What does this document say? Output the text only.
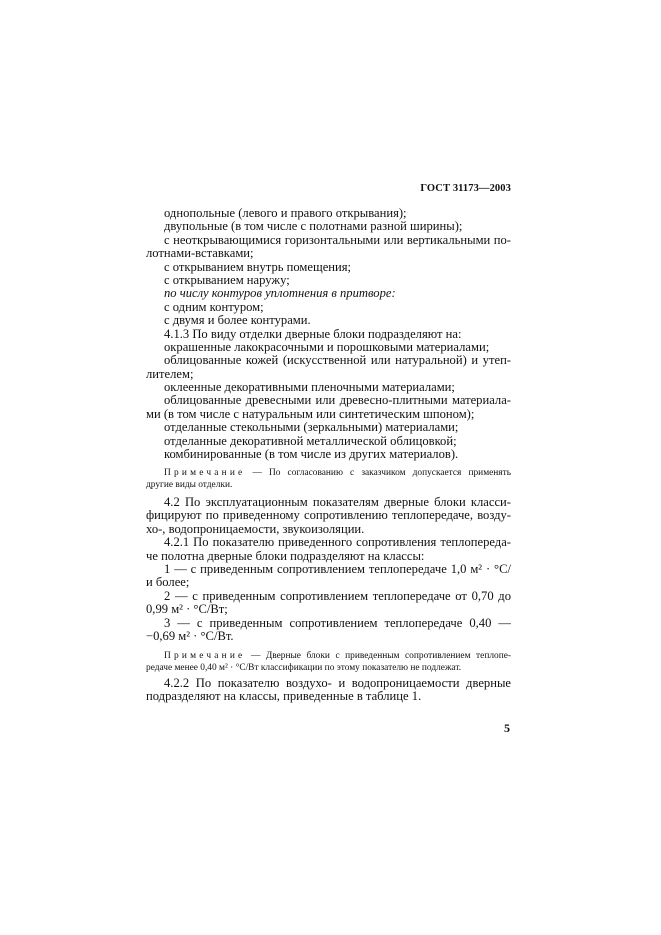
ГОСТ 31173—2003
однопольные (левого и правого открывания);
двупольные (в том числе с полотнами разной ширины);
с неоткрывающимися горизонтальными или вертикальными по-
лотнами-вставками;
с открыванием внутрь помещения;
с открыванием наружу;
по числу контуров уплотнения в притворе:
с одним контуром;
с двумя и более контурами.
4.1.3 По виду отделки дверные блоки подразделяют на:
окрашенные лакокрасочными и порошковыми материалами;
облицованные кожей (искусственной или натуральной) и утеп-
лителем;
оклеенные декоративными пленочными материалами;
облицованные древесными или древесно-плитными материала-
ми (в том числе с натуральным или синтетическим шпоном);
отделанные стекольными (зеркальными) материалами;
отделанные декоративной металлической облицовкой;
комбинированные (в том числе из других материалов).
Примечание — По согласованию с заказчиком допускается применять
другие виды отделки.
4.2 По эксплуатационным показателям дверные блоки класси-
фицируют по приведенному сопротивлению теплопередаче, возду-
хо-, водопроницаемости, звукоизоляции.
4.2.1 По показателю приведенного сопротивления теплопереда-
че полотна дверные блоки подразделяют на классы:
1 — с приведенным сопротивлением теплопередаче 1,0 м² · °С/
и более;
2 — с приведенным сопротивлением теплопередаче от 0,70 до
0,99 м² · °С/Вт;
3 — с приведенным сопротивлением теплопередаче 0,40 —
−0,69 м² · °С/Вт.
Примечание — Дверные блоки с приведенным сопротивлением теплопе-
редаче менее 0,40 м² · °С/Вт классификации по этому показателю не подлежат.
4.2.2 По показателю воздухо- и водопроницаемости дверные
подразделяют на классы, приведенные в таблице 1.
5
